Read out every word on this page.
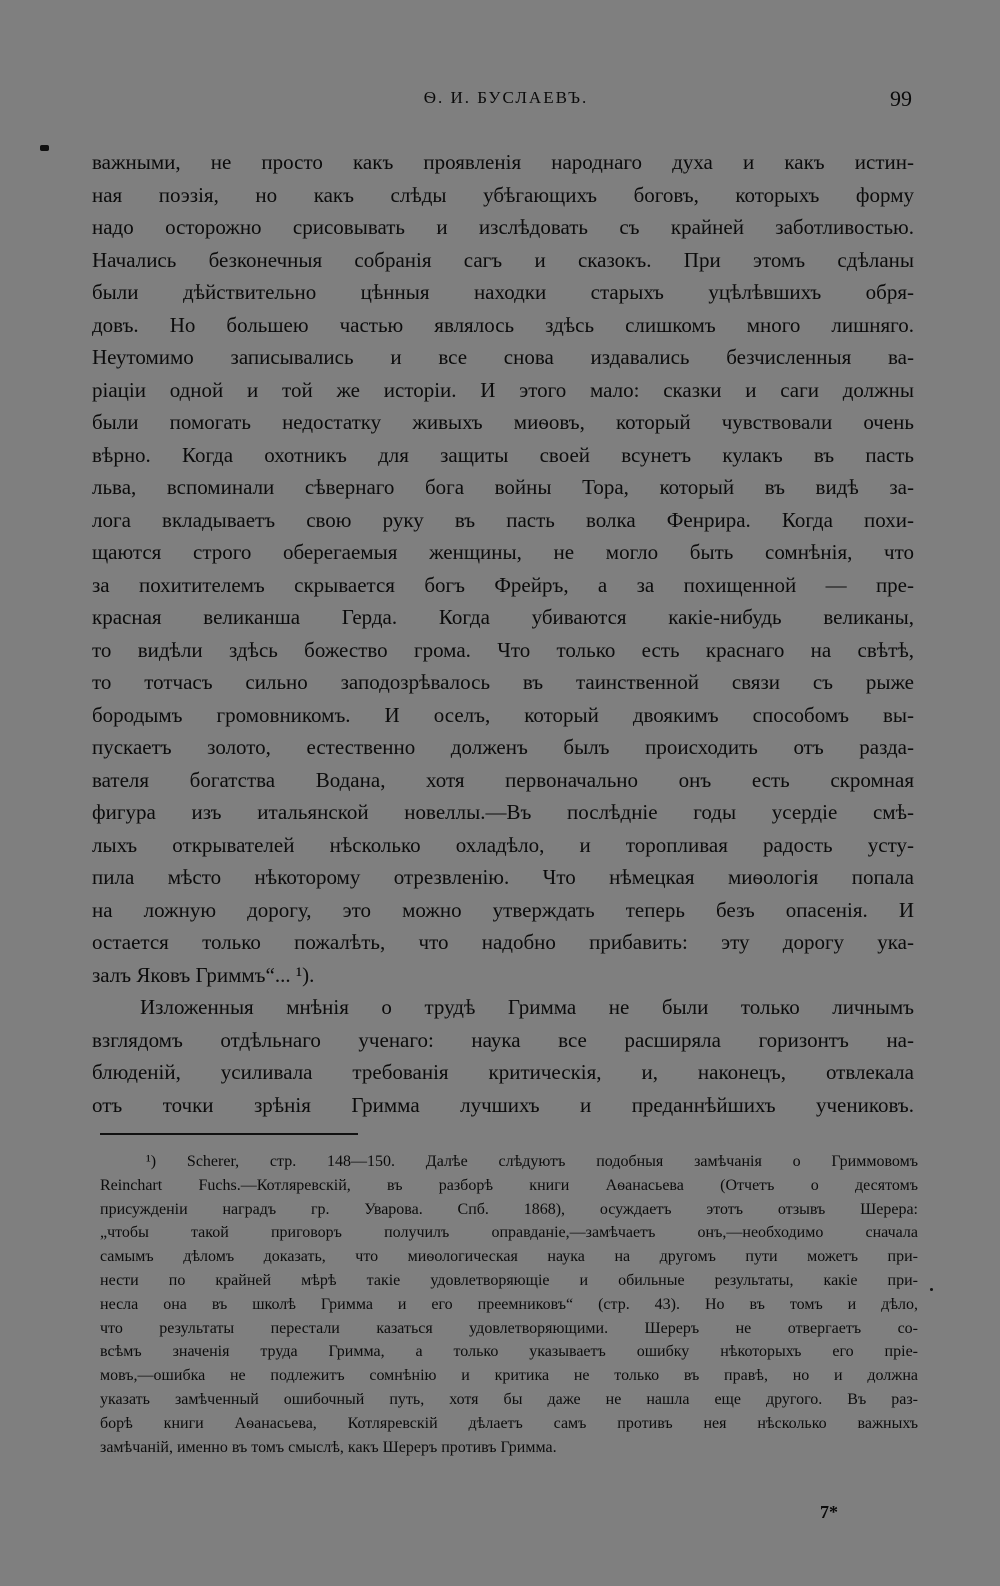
Ѳ. И. БУСЛАЕВЪ.	99
важными, не просто какъ проявленія народнаго духа и какъ истин-
ная поэзія, но какъ слѣды убѣгающихъ боговъ, которыхъ форму
надо осторожно срисовывать и изслѣдовать съ крайней заботливостью.
Начались безконечныя собранія сагъ и сказокъ. При этомъ сдѣланы
были дѣйствительно цѣнныя находки старыхъ уцѣлѣвшихъ обря-
довъ. Но большею частью являлось здѣсь слишкомъ много лишняго.
Неутомимо записывались и все снова издавались безчисленныя ва-
ріаціи одной и той же исторіи. И этого мало: сказки и саги должны
были помогать недостатку живыхъ миѳовъ, который чувствовали очень
вѣрно. Когда охотникъ для защиты своей всунетъ кулакъ въ пасть
льва, вспоминали сѣвернаго бога войны Тора, который въ видѣ за-
лога вкладываетъ свою руку въ пасть волка Фенрира. Когда похи-
щаются строго оберегаемыя женщины, не могло быть сомнѣнія, что
за похитителемъ скрывается богъ Фрейръ, а за похищенной — пре-
красная великанша Герда. Когда убиваются какіе-нибудь великаны,
то видѣли здѣсь божество грома. Что только есть краснаго на свѣтѣ,
то тотчасъ сильно заподозрѣвалось въ таинственной связи съ рыже
бородымъ громовникомъ. И оселъ, который двоякимъ способомъ вы-
пускаетъ золото, естественно долженъ былъ происходить отъ разда-
вателя богатства Водана, хотя первоначально онъ есть скромная
фигура изъ итальянской новеллы.—Въ послѣдніе годы усердіе смѣ-
лыхъ открывателей нѣсколько охладѣло, и торопливая радость усту-
пила мѣсто нѣкоторому отрезвленію. Что нѣмецкая миѳологія попала
на ложную дорогу, это можно утверждать теперь безъ опасенія. И
остается только пожалѣть, что надобно прибавить: эту дорогу ука-
залъ Яковъ Гриммъ“... ¹).
Изложенныя мнѣнія о трудѣ Гримма не были только личнымъ
взглядомъ отдѣльнаго ученаго: наука все расширяла горизонтъ на-
блюденій, усиливала требованія критическія, и, наконецъ, отвлекала
отъ точки зрѣнія Гримма лучшихъ и преданнѣйшихъ учениковъ.
¹) Scherer, стр. 148—150. Далѣе слѣдуютъ подобныя замѣчанія о Гриммовомъ
Reinchart Fuchs.—Котляревскій, въ разборѣ книги Аѳанасьева (Отчетъ о десятомъ
присужденіи наградъ гр. Уварова. Спб. 1868), осуждаетъ этотъ отзывъ Шерера:
„чтобы такой приговоръ получилъ оправданіе,—замѣчаетъ онъ,—необходимо сначала
самымъ дѣломъ доказать, что миѳологическая наука на другомъ пути можетъ при-
нести по крайней мѣрѣ такіе удовлетворяющіе и обильные результаты, какіе при-
несла она въ школѣ Гримма и его преемниковъ“ (стр. 43). Но въ томъ и дѣло,
что результаты перестали казаться удовлетворяющими. Шереръ не отвергаетъ со-
всѣмъ значенія труда Гримма, а только указываетъ ошибку нѣкоторыхъ его пріе-
мовъ,—ошибка не подлежитъ сомнѣнію и критика не только въ правѣ, но и должна
указать замѣченный ошибочный путь, хотя бы даже не нашла еще другого. Въ раз-
борѣ книги Аѳанасьева, Котляревскій дѣлаетъ самъ противъ нея нѣсколько важныхъ
замѣчаній, именно въ томъ смыслѣ, какъ Шереръ противъ Гримма.
7*
